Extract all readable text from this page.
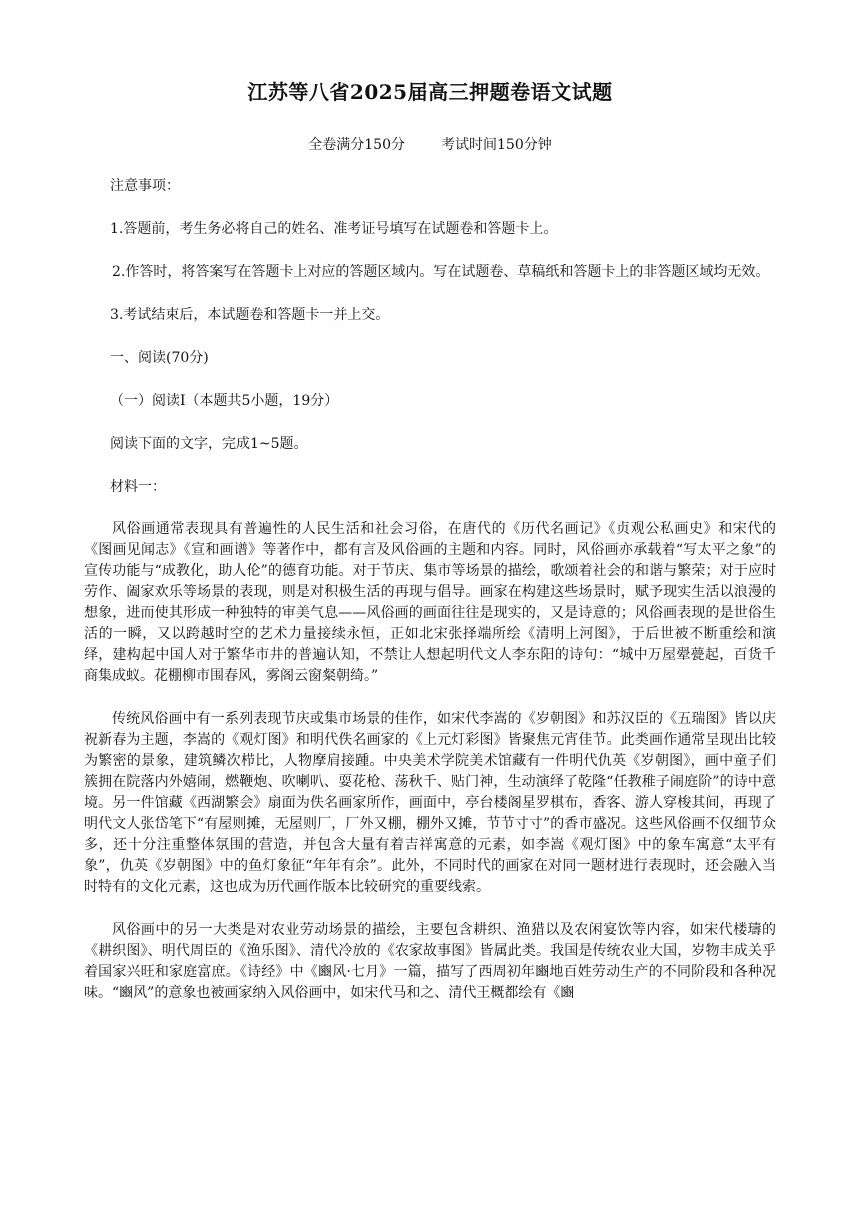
江苏等八省2025届高三押题卷语文试题
全卷满分150分	考试时间150分钟

注意事项：

1.答题前，考生务必将自己的姓名、准考证号填写在试题卷和答题卡上。

2.作答时，将答案写在答题卡上对应的答题区域内。写在试题卷、草稿纸和答题卡上的非答题区域均无效。

3.考试结束后，本试题卷和答题卡一并上交。

一、阅读(70分)

（一）阅读Ⅰ（本题共5小题，19分）

阅读下面的文字，完成1~5题。

材料一：

风俗画通常表现具有普遍性的人民生活和社会习俗，在唐代的《历代名画记》《贞观公私画史》和宋代的《图画见闻志》《宣和画谱》等著作中，都有言及风俗画的主题和内容。同时，风俗画亦承载着“写太平之象”的宣传功能与“成教化，助人伦”的德育功能。对于节庆、集市等场景的描绘，歌颂着社会的和谐与繁荣；对于应时劳作、阖家欢乐等场景的表现，则是对积极生活的再现与倡导。画家在构建这些场景时，赋予现实生活以浪漫的想象，进而使其形成一种独特的审美气息——风俗画的画面往往是现实的，又是诗意的；风俗画表现的是世俗生活的一瞬，又以跨越时空的艺术力量接续永恒，正如北宋张择端所绘《清明上河图》，于后世被不断重绘和演绎，建构起中国人对于繁华市井的普遍认知，不禁让人想起明代文人李东阳的诗句：“城中万屋翚甍起，百货千商集成蚁。花棚柳市围春风，雾阁云窗粲朝绮。”

传统风俗画中有一系列表现节庆或集市场景的佳作，如宋代李嵩的《岁朝图》和苏汉臣的《五瑞图》皆以庆祝新春为主题，李嵩的《观灯图》和明代佚名画家的《上元灯彩图》皆聚焦元宵佳节。此类画作通常呈现出比较为繁密的景象，建筑鳞次栉比，人物摩肩接踵。中央美术学院美术馆藏有一件明代仇英《岁朝图》，画中童子们簇拥在院落内外嬉闹，燃鞭炮、吹喇叭、耍花枪、荡秋千、贴门神，生动演绎了乾隆“任教稚子闹庭阶”的诗中意境。另一件馆藏《西湖繁会》扇面为佚名画家所作，画面中，亭台楼阁星罗棋布，香客、游人穿梭其间，再现了明代文人张岱笔下“有屋则摊，无屋则厂，厂外又棚，棚外又摊，节节寸寸”的香市盛况。这些风俗画不仅细节众多，还十分注重整体氛围的营造，并包含大量有着吉祥寓意的元素，如李嵩《观灯图》中的象车寓意“太平有象”，仇英《岁朝图》中的鱼灯象征“年年有余”。此外，不同时代的画家在对同一题材进行表现时，还会融入当时特有的文化元素，这也成为历代画作版本比较研究的重要线索。

风俗画中的另一大类是对农业劳动场景的描绘，主要包含耕织、渔猎以及农闲宴饮等内容，如宋代楼璹的《耕织图》、明代周臣的《渔乐图》、清代冷放的《农家故事图》皆属此类。我国是传统农业大国，岁物丰成关乎着国家兴旺和家庭富庶。《诗经》中《豳风·七月》一篇，描写了西周初年豳地百姓劳动生产的不同阶段和各种况味。“豳风”的意象也被画家纳入风俗画中，如宋代马和之、清代王概都绘有《豳
